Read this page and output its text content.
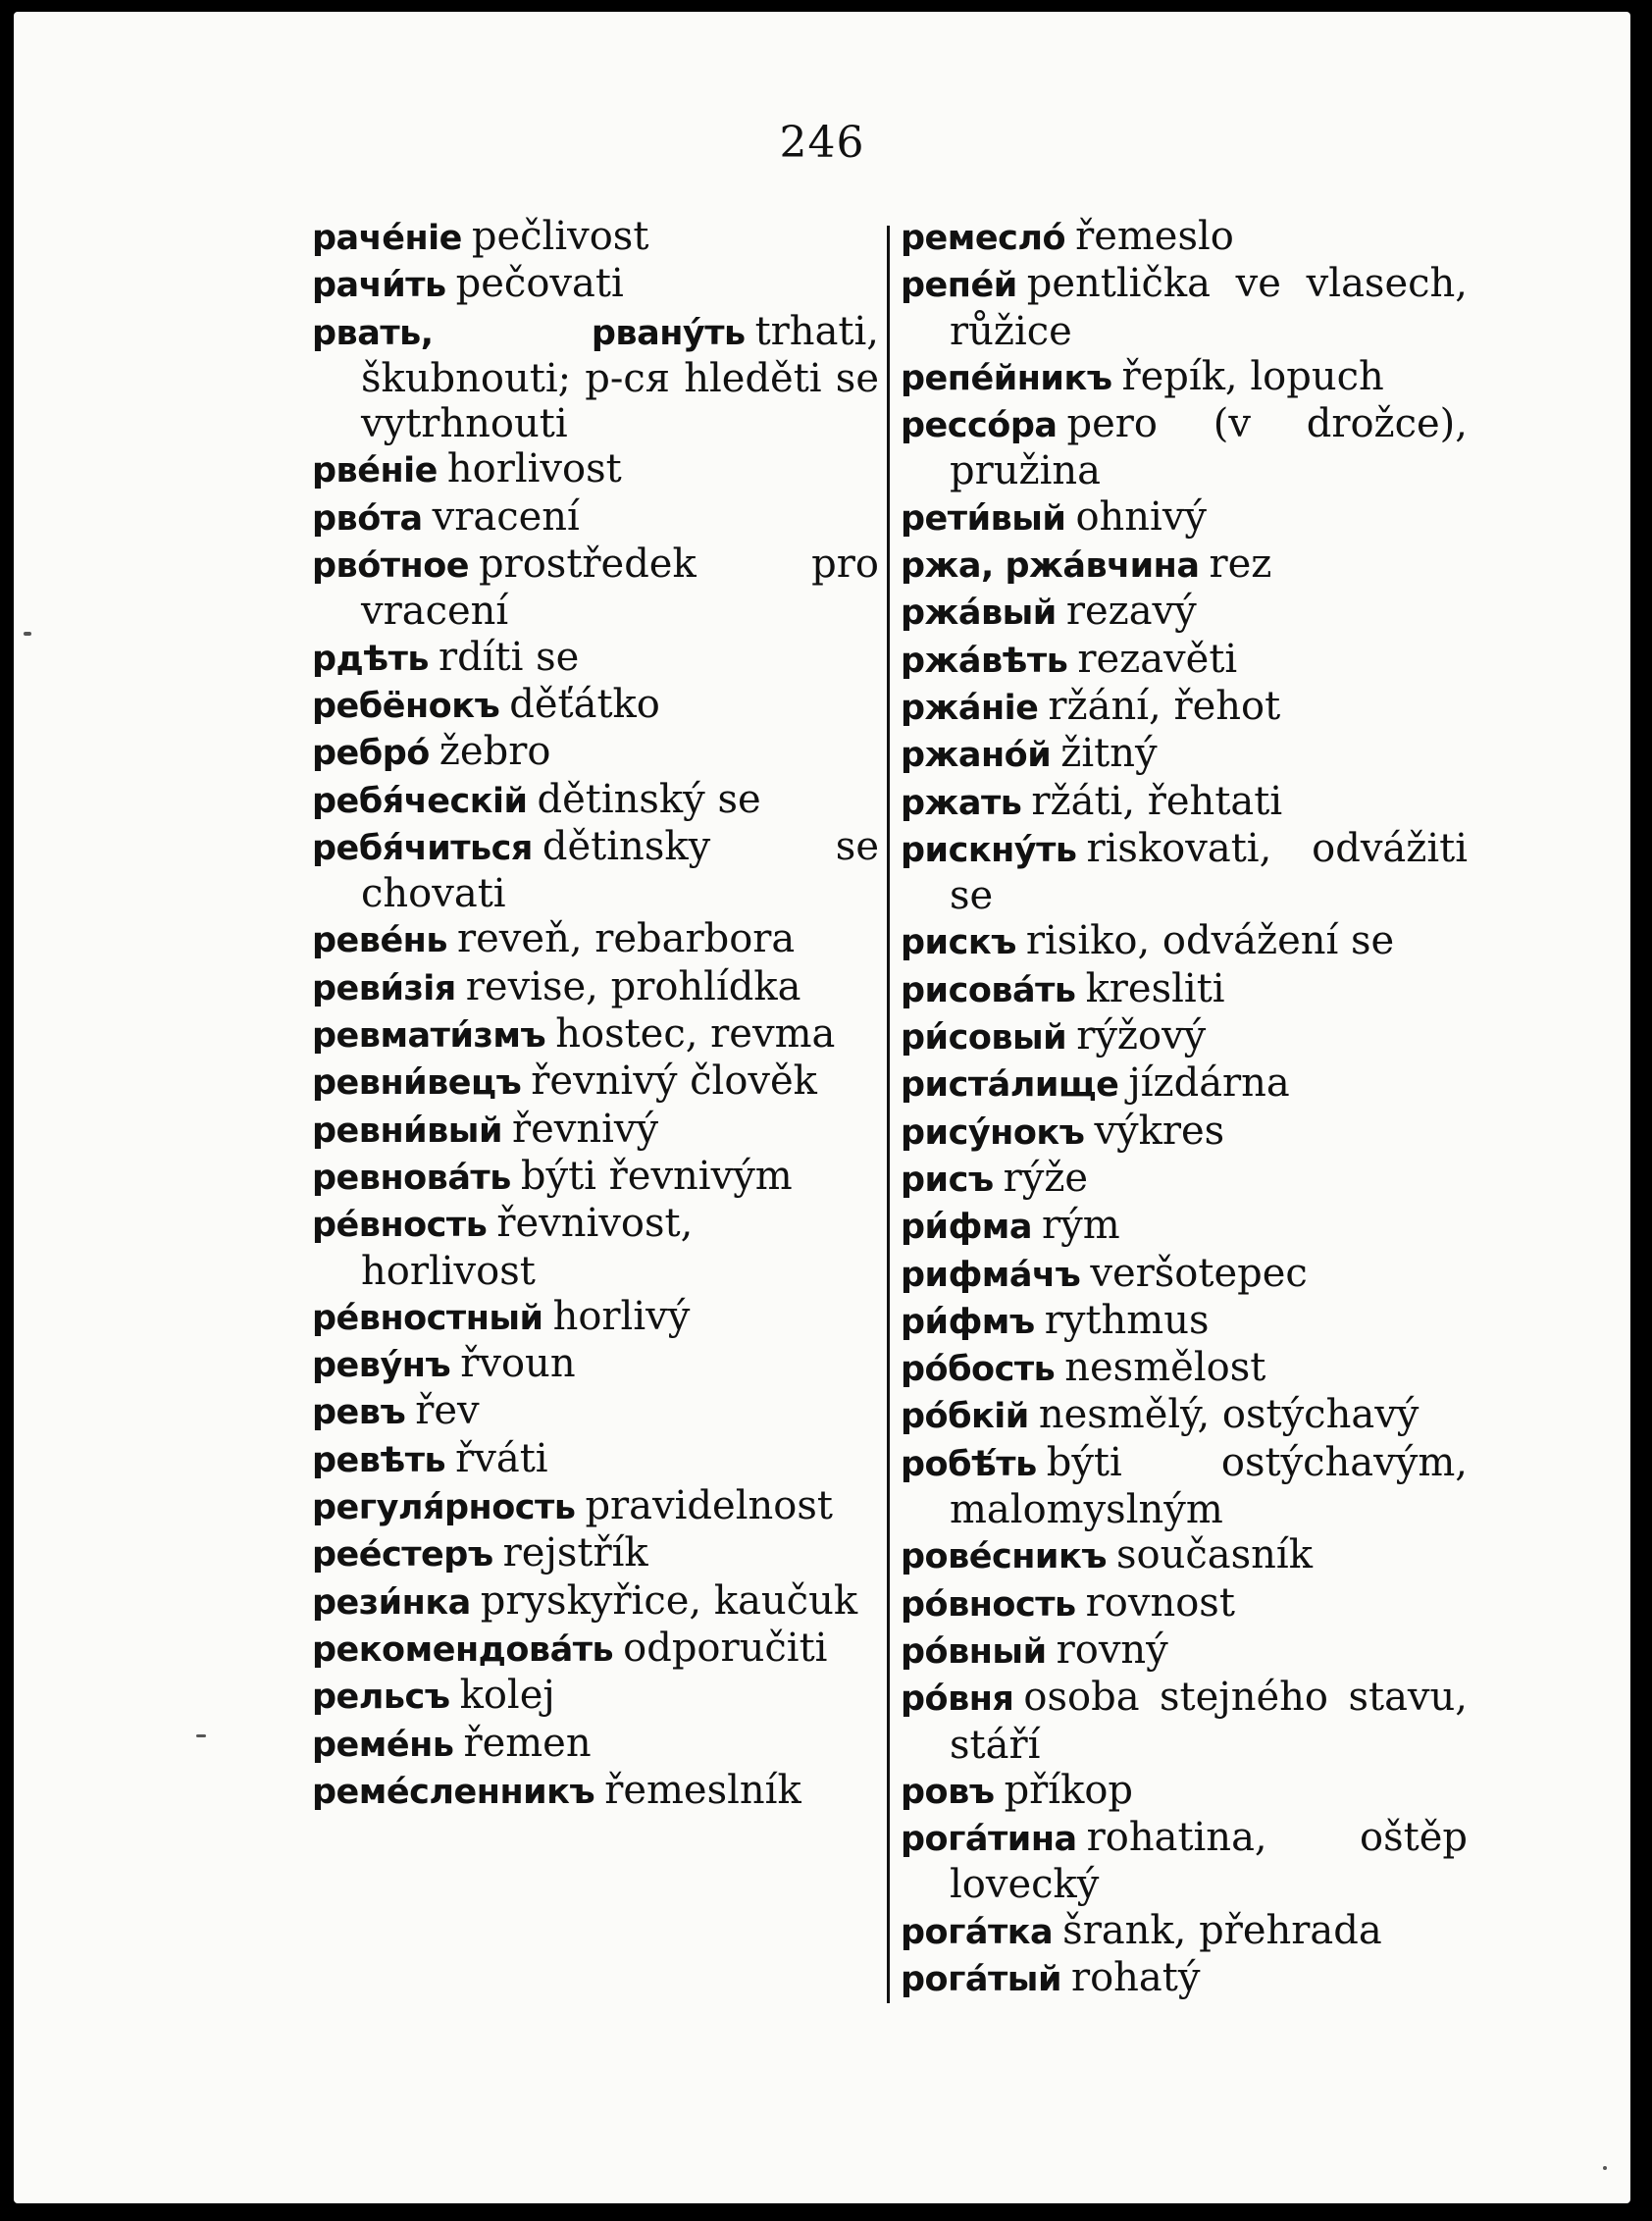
246

рачéніе pečlivost

рачи́ть pečovati

рвать, рвану́ть trhati, škubnouti; р-ся hleděti se vytrhnouti

рвéніе horlivost

рвóта vracení

рвóтное prostředek pro vracení

рдѣть rdíti se

ребёнокъ děťátko

ребрó žebro

ребя́ческій dětinský se

ребя́читься dětinsky se chovati

ревéнь reveň, rebarbora

реви́зія revise, prohlídka

ревмати́змъ hostec, revma

ревни́вецъ řevnivý člověk

ревни́вый řevnivý

ревновáть býti řevnivým

рéвность řevnivost, horlivost

рéвностный horlivý

реву́нъ řvoun

ревъ řev

ревѣть řváti

регуля́рность pravidelnost

реéстеръ rejstřík

рези́нка pryskyřice, kaučuk

рекомендовáть odporučiti

рельсъ kolej

ремéнь řemen

ремéсленникъ řemeslník

ремеслó řemeslo

репéй pentlička ve vlasech, růžice

репéйникъ řepík, lopuch

рессóра pero (v drožce), pružina

рети́вый ohnivý

ржа, ржáвчина rez

ржáвый rezavý

ржáвѣть rezavěti

ржáніе ržání, řehot

ржанóй žitný

ржать ržáti, řehtati

рискну́ть riskovati, odvážiti se

рискъ risiko, odvážení se

рисовáть kresliti

ри́совый rýžový

ристáлище jízdárna

рису́нокъ výkres

рисъ rýže

ри́фма rým

рифмáчъ veršotepec

ри́фмъ rythmus

рóбость nesmělost

рóбкій nesmělý, ostýchavý

робѣ́ть býti ostýchavým, malomyslným

ровéсникъ současník

рóвность rovnost

рóвный rovný

рóвня osoba stejného stavu, stáří

ровъ příkop

рогáтина rohatina, oštěp lovecký

рогáтка šrank, přehrada

рогáтый rohatý
